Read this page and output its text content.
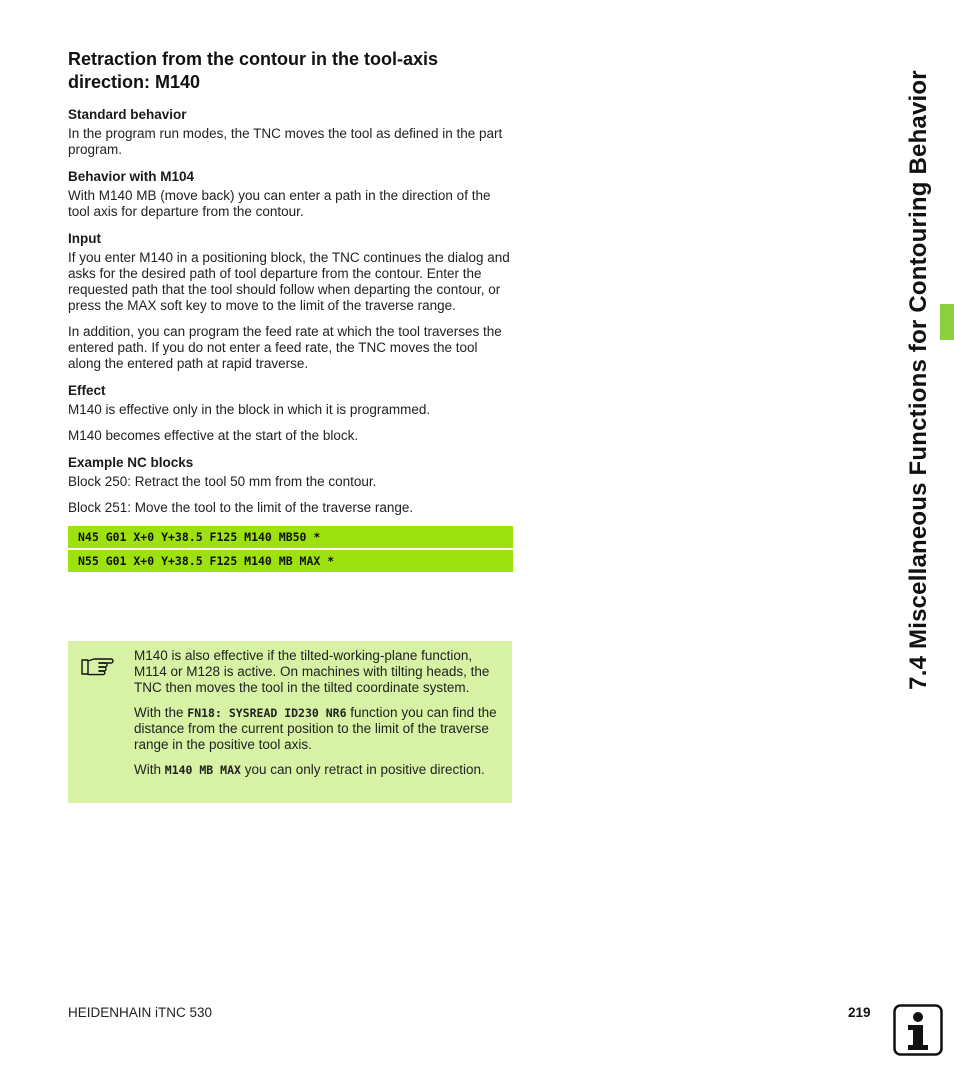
Retraction from the contour in the tool-axis direction: M140
Standard behavior

In the program run modes, the TNC moves the tool as defined in the part program.

Behavior with M104

With M140 MB (move back) you can enter a path in the direction of the tool axis for departure from the contour.

Input

If you enter M140 in a positioning block, the TNC continues the dialog and asks for the desired path of tool departure from the contour. Enter the requested path that the tool should follow when departing the contour, or press the MAX soft key to move to the limit of the traverse range.

In addition, you can program the feed rate at which the tool traverses the entered path. If you do not enter a feed rate, the TNC moves the tool along the entered path at rapid traverse.

Effect

M140 is effective only in the block in which it is programmed.

M140 becomes effective at the start of the block.

Example NC blocks

Block 250: Retract the tool 50 mm from the contour.

Block 251: Move the tool to the limit of the traverse range.

N45 G01 X+0 Y+38.5 F125 M140 MB50 *
N55 G01 X+0 Y+38.5 F125 M140 MB MAX *

M140 is also effective if the tilted-working-plane function, M114 or M128 is active. On machines with tilting heads, the TNC then moves the tool in the tilted coordinate system.

With the FN18: SYSREAD ID230 NR6 function you can find the distance from the current position to the limit of the traverse range in the positive tool axis.

With M140 MB MAX you can only retract in positive direction.

7.4 Miscellaneous Functions for Contouring Behavior
HEIDENHAIN iTNC 530	219
